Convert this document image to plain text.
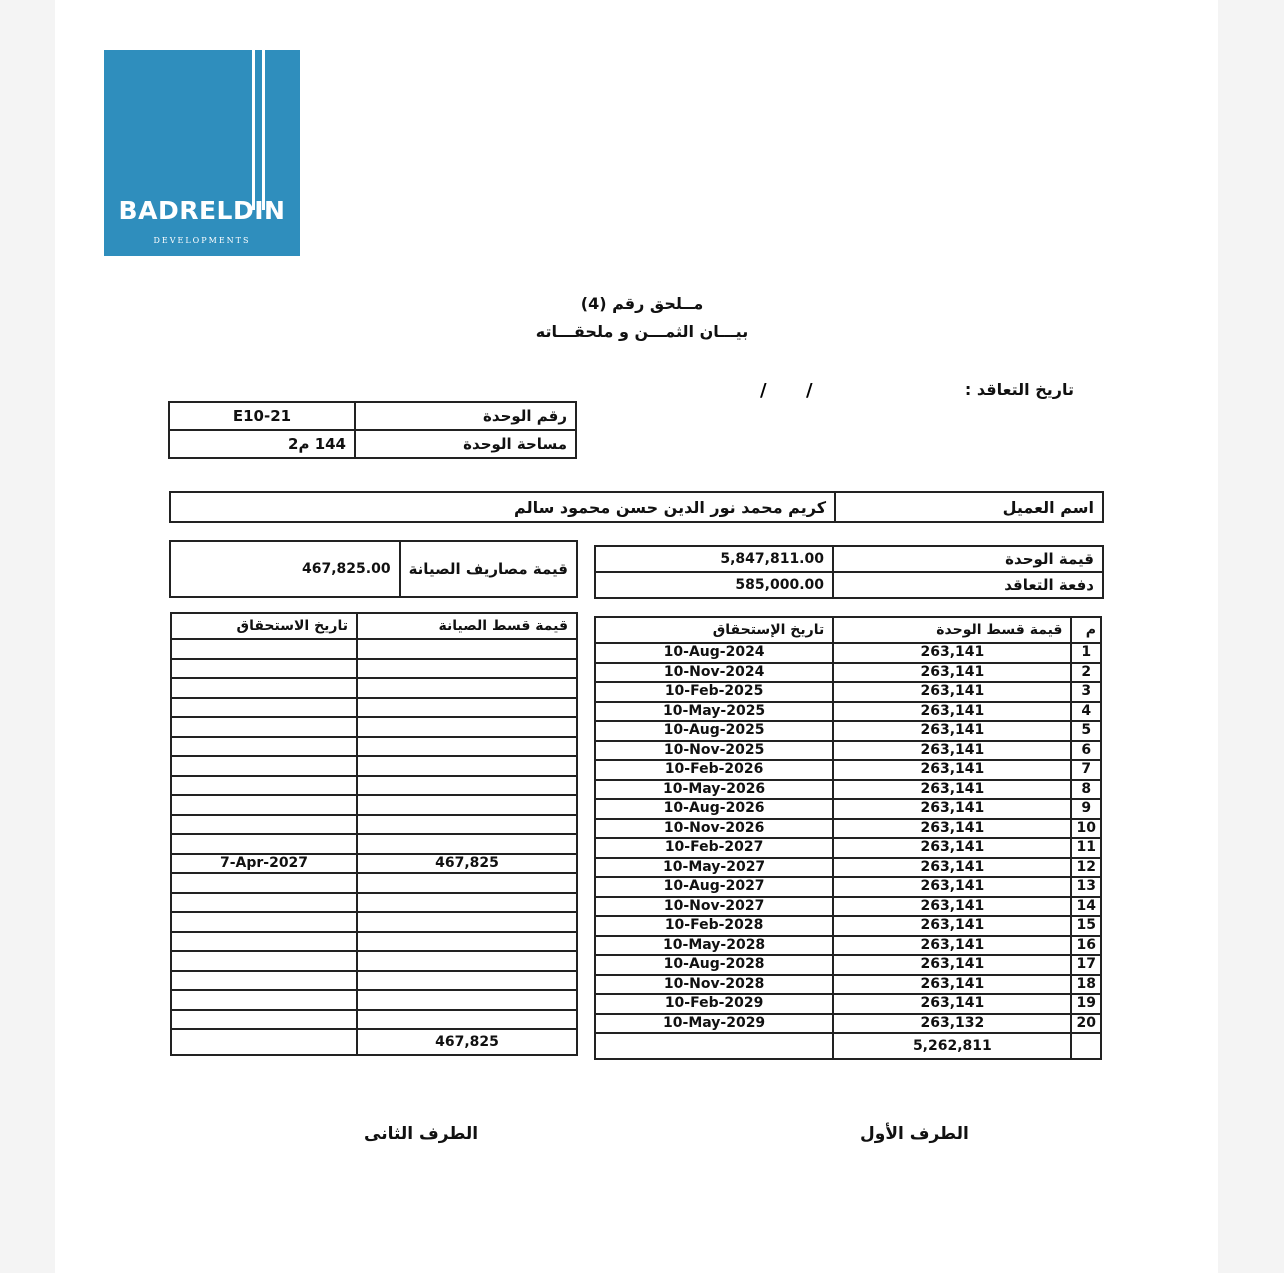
BADRELDIN
DEVELOPMENTS
مــلحق رقم (4)
بيـــان الثمـــن و ملحقـــاته
تاريخ التعاقد :
/
/
E10-21	رقم الوحدة
144 م2	مساحة الوحدة
كريم محمد نور الدين حسن محمود سالم	اسم العميل
467,825.00	قيمة مصاريف الصيانة
5,847,811.00	قيمة الوحدة
585,000.00	دفعة التعاقد
تاريخ الإستحقاق	قيمة قسط الوحدة	م
10-Aug-2024	263,141	1
10-Nov-2024	263,141	2
10-Feb-2025	263,141	3
10-May-2025	263,141	4
10-Aug-2025	263,141	5
10-Nov-2025	263,141	6
10-Feb-2026	263,141	7
10-May-2026	263,141	8
10-Aug-2026	263,141	9
10-Nov-2026	263,141	10
10-Feb-2027	263,141	11
10-May-2027	263,141	12
10-Aug-2027	263,141	13
10-Nov-2027	263,141	14
10-Feb-2028	263,141	15
10-May-2028	263,141	16
10-Aug-2028	263,141	17
10-Nov-2028	263,141	18
10-Feb-2029	263,141	19
10-May-2029	263,132	20
	5,262,811	
تاريخ الاستحقاق	قيمة قسط الصيانة

7-Apr-2027	467,825

	467,825
الطرف الأول
الطرف الثانى
